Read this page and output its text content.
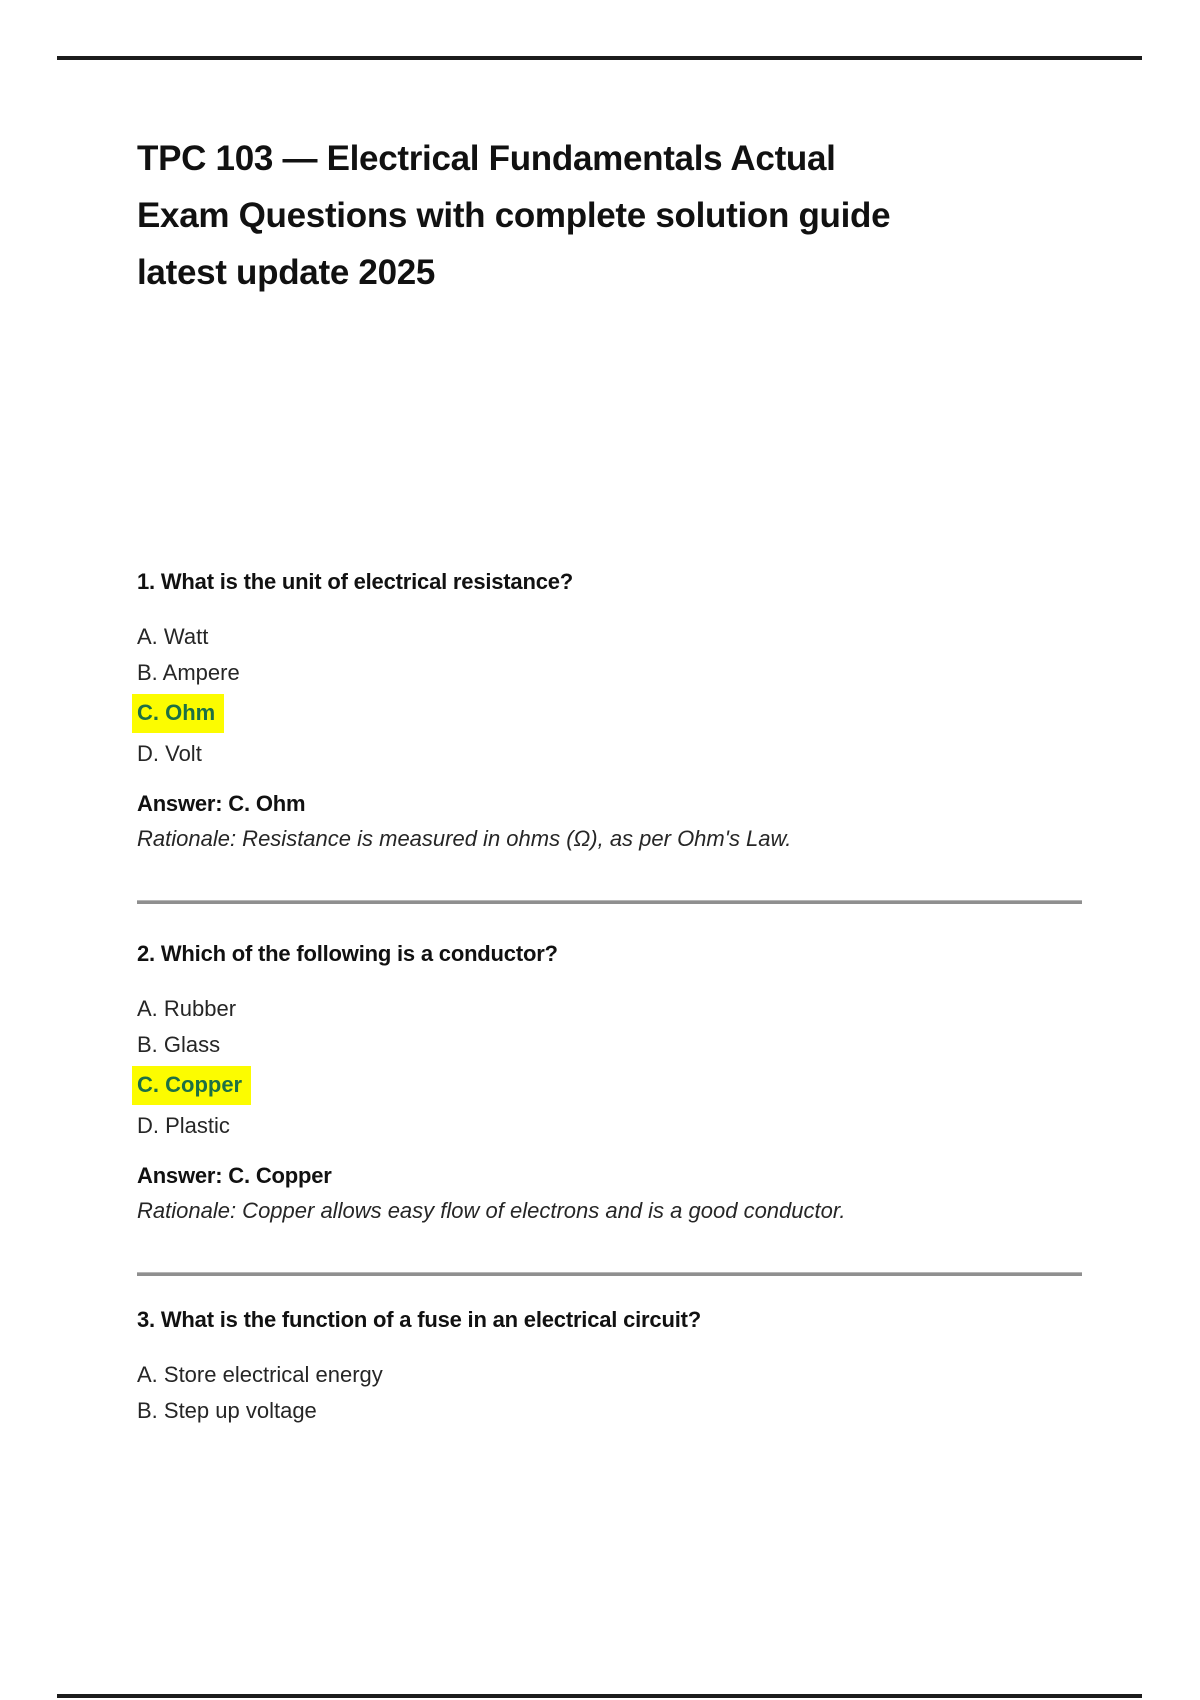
TPC 103 — Electrical Fundamentals Actual
Exam Questions with complete solution guide
latest update 2025
1. What is the unit of electrical resistance?
A. Watt
B. Ampere
C. Ohm
D. Volt
Answer: C. Ohm
Rationale: Resistance is measured in ohms (Ω), as per Ohm's Law.
2. Which of the following is a conductor?
A. Rubber
B. Glass
C. Copper
D. Plastic
Answer: C. Copper
Rationale: Copper allows easy flow of electrons and is a good conductor.
3. What is the function of a fuse in an electrical circuit?
A. Store electrical energy
B. Step up voltage
